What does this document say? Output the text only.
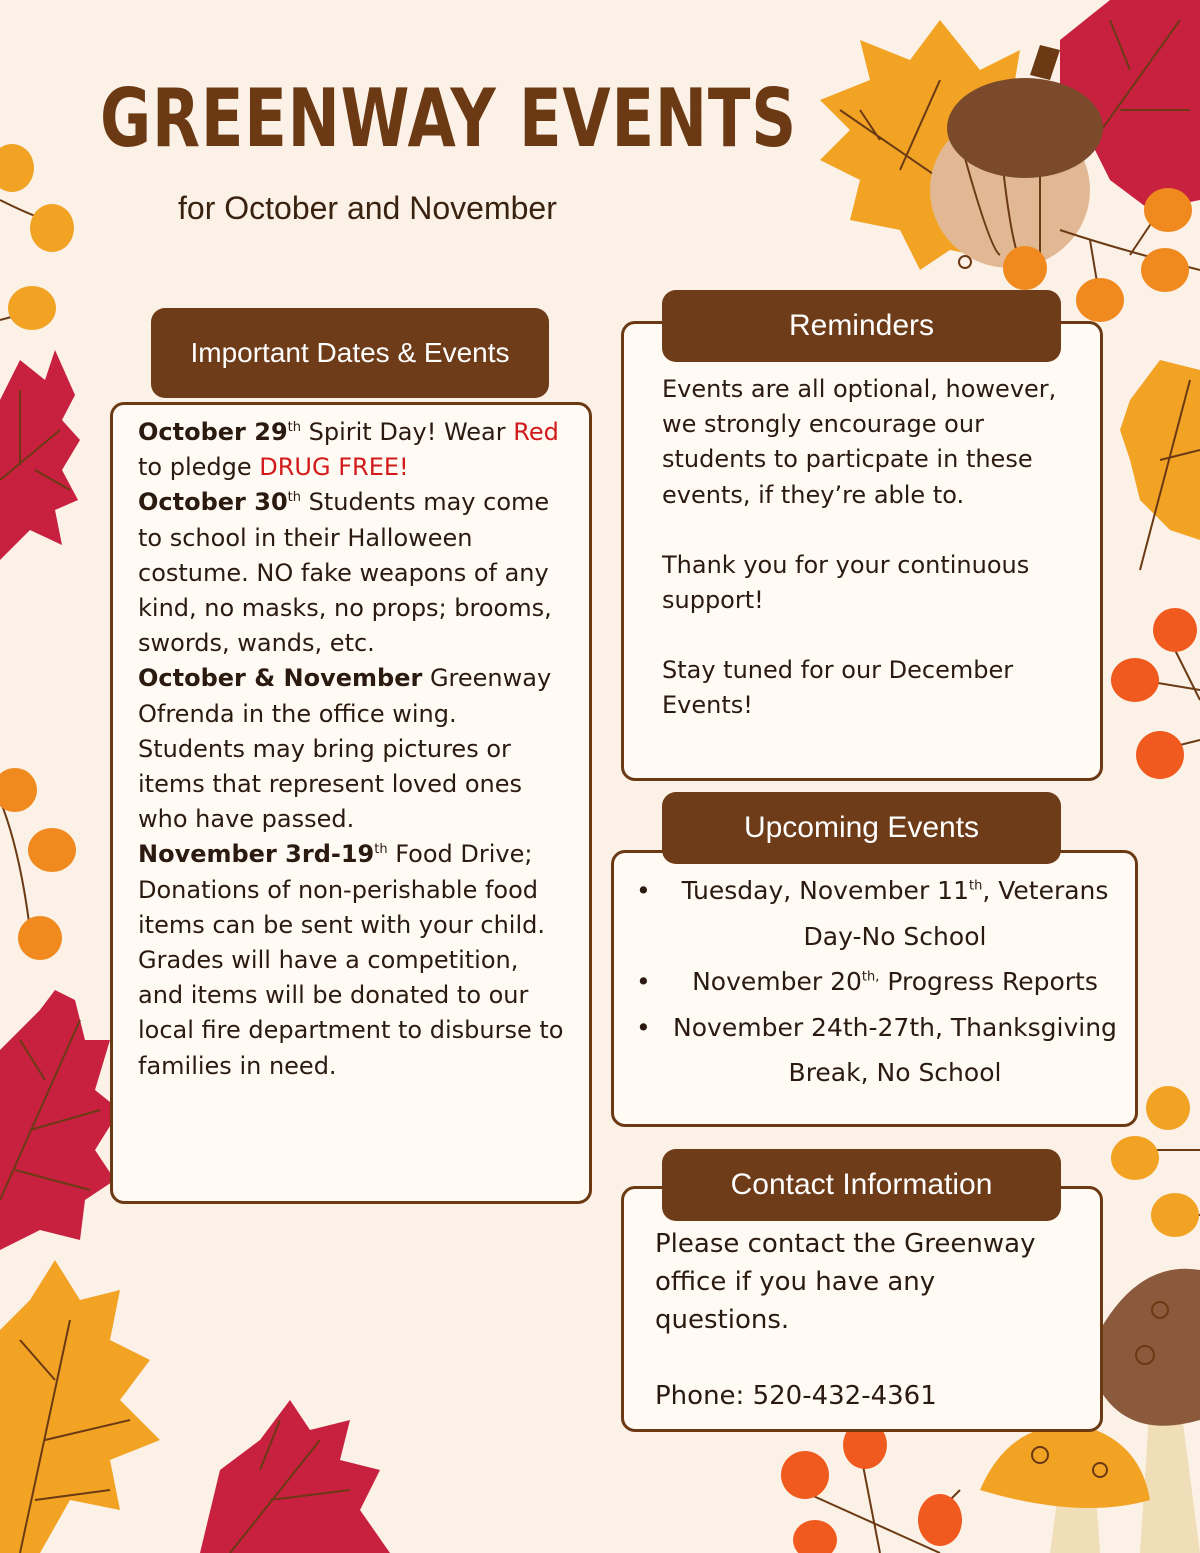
GREENWAY EVENTS
for October and November
Important Dates & Events
October 29th Spirit Day! Wear Red to pledge DRUG FREE!
October 30th Students may come to school in their Halloween costume. NO fake weapons of any kind, no masks, no props; brooms, swords, wands, etc.
October & November Greenway Ofrenda in the office wing. Students may bring pictures or items that represent loved ones who have passed.
November 3rd-19th Food Drive; Donations of non-perishable food items can be sent with your child. Grades will have a competition, and items will be donated to our local fire department to disburse to families in need.
Reminders

Events are all optional, however, we strongly encourage our students to particpate in these events, if they’re able to.

Thank you for your continuous support!

Stay tuned for our December Events!

Upcoming Events
• Tuesday, November 11th, Veterans Day-No School
• November $20^{th,}$ Progress Reports
• November 24th-27th, Thanksgiving Break, No School
Contact Information

Please contact the Greenway office if you have any questions.

Phone: 520-432-4361
